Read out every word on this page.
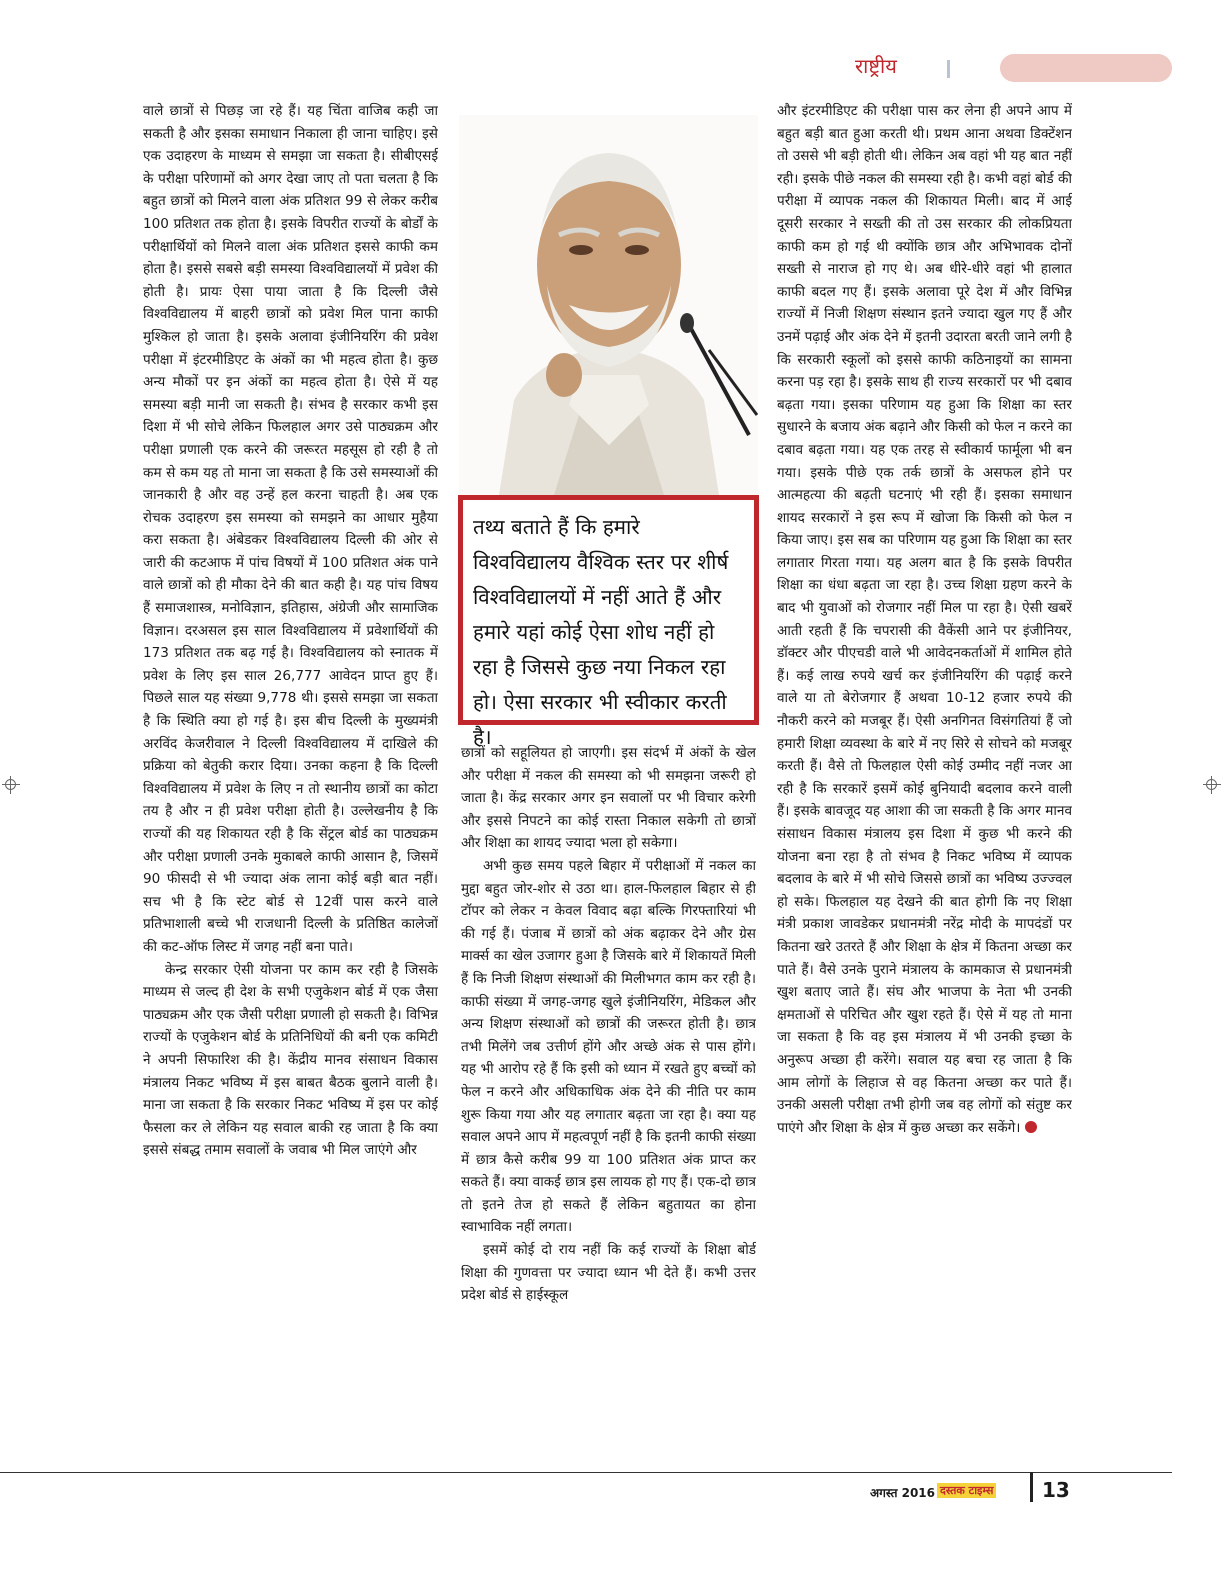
राष्ट्रीय

वाले छात्रों से पिछड़ जा रहे हैं। यह चिंता वाजिब कही जा सकती है और इसका समाधान निकाला ही जाना चाहिए। इसे एक उदाहरण के माध्यम से समझा जा सकता है। सीबीएसई के परीक्षा परिणामों को अगर देखा जाए तो पता चलता है कि बहुत छात्रों को मिलने वाला अंक प्रतिशत 99 से लेकर करीब 100 प्रतिशत तक होता है। इसके विपरीत राज्यों के बोर्डों के परीक्षार्थियों को मिलने वाला अंक प्रतिशत इससे काफी कम होता है। इससे सबसे बड़ी समस्या विश्वविद्यालयों में प्रवेश की होती है। प्रायः ऐसा पाया जाता है कि दिल्ली जैसे विश्वविद्यालय में बाहरी छात्रों को प्रवेश मिल पाना काफी मुश्किल हो जाता है। इसके अलावा इंजीनियरिंग की प्रवेश परीक्षा में इंटरमीडिएट के अंकों का भी महत्व होता है। कुछ अन्य मौकों पर इन अंकों का महत्व होता है। ऐसे में यह समस्या बड़ी मानी जा सकती है। संभव है सरकार कभी इस दिशा में भी सोचे लेकिन फिलहाल अगर उसे पाठ्यक्रम और परीक्षा प्रणाली एक करने की जरूरत महसूस हो रही है तो कम से कम यह तो माना जा सकता है कि उसे समस्याओं की जानकारी है और वह उन्हें हल करना चाहती है। अब एक रोचक उदाहरण इस समस्या को समझने का आधार मुहैया करा सकता है। अंबेडकर विश्वविद्यालय दिल्ली की ओर से जारी की कटआफ में पांच विषयों में 100 प्रतिशत अंक पाने वाले छात्रों को ही मौका देने की बात कही है। यह पांच विषय हैं समाजशास्त्र, मनोविज्ञान, इतिहास, अंग्रेजी और सामाजिक विज्ञान। दरअसल इस साल विश्वविद्यालय में प्रवेशार्थियों की 173 प्रतिशत तक बढ़ गई है। विश्वविद्यालय को स्नातक में प्रवेश के लिए इस साल 26,777 आवेदन प्राप्त हुए हैं। पिछले साल यह संख्या 9,778 थी। इससे समझा जा सकता है कि स्थिति क्या हो गई है। इस बीच दिल्ली के मुख्यमंत्री अरविंद केजरीवाल ने दिल्ली विश्वविद्यालय में दाखिले की प्रक्रिया को बेतुकी करार दिया। उनका कहना है कि दिल्ली विश्वविद्यालय में प्रवेश के लिए न तो स्थानीय छात्रों का कोटा तय है और न ही प्रवेश परीक्षा होती है। उल्लेखनीय है कि राज्यों की यह शिकायत रही है कि सेंट्रल बोर्ड का पाठ्यक्रम और परीक्षा प्रणाली उनके मुकाबले काफी आसान है, जिसमें 90 फीसदी से भी ज्यादा अंक लाना कोई बड़ी बात नहीं। सच भी है कि स्टेट बोर्ड से 12वीं पास करने वाले प्रतिभाशाली बच्चे भी राजधानी दिल्ली के प्रतिष्ठित कालेजों की कट-ऑफ लिस्ट में जगह नहीं बना पाते।

केन्द्र सरकार ऐसी योजना पर काम कर रही है जिसके माध्यम से जल्द ही देश के सभी एजुकेशन बोर्ड में एक जैसा पाठ्यक्रम और एक जैसी परीक्षा प्रणाली हो सकती है। विभिन्न राज्यों के एजुकेशन बोर्ड के प्रतिनिधियों की बनी एक कमिटी ने अपनी सिफारिश की है। केंद्रीय मानव संसाधन विकास मंत्रालय निकट भविष्य में इस बाबत बैठक बुलाने वाली है। माना जा सकता है कि सरकार निकट भविष्य में इस पर कोई फैसला कर ले लेकिन यह सवाल बाकी रह जाता है कि क्या इससे संबद्ध तमाम सवालों के जवाब भी मिल जाएंगे और

तथ्य बताते हैं कि हमारे विश्वविद्यालय वैश्विक स्तर पर शीर्ष विश्वविद्यालयों में नहीं आते हैं और हमारे यहां कोई ऐसा शोध नहीं हो रहा है जिससे कुछ नया निकल रहा हो। ऐसा सरकार भी स्वीकार करती है।

छात्रों को सहूलियत हो जाएगी। इस संदर्भ में अंकों के खेल और परीक्षा में नकल की समस्या को भी समझना जरूरी हो जाता है। केंद्र सरकार अगर इन सवालों पर भी विचार करेगी और इससे निपटने का कोई रास्ता निकाल सकेगी तो छात्रों और शिक्षा का शायद ज्यादा भला हो सकेगा।

अभी कुछ समय पहले बिहार में परीक्षाओं में नकल का मुद्दा बहुत जोर-शोर से उठा था। हाल-फिलहाल बिहार से ही टॉपर को लेकर न केवल विवाद बढ़ा बल्कि गिरफ्तारियां भी की गई हैं। पंजाब में छात्रों को अंक बढ़ाकर देने और ग्रेस मार्क्स का खेल उजागर हुआ है जिसके बारे में शिकायतें मिली हैं कि निजी शिक्षण संस्थाओं की मिलीभगत काम कर रही है। काफी संख्या में जगह-जगह खुले इंजीनियरिंग, मेडिकल और अन्य शिक्षण संस्थाओं को छात्रों की जरूरत होती है। छात्र तभी मिलेंगे जब उत्तीर्ण होंगे और अच्छे अंक से पास होंगे। यह भी आरोप रहे हैं कि इसी को ध्यान में रखते हुए बच्चों को फेल न करने और अधिकाधिक अंक देने की नीति पर काम शुरू किया गया और यह लगातार बढ़ता जा रहा है। क्या यह सवाल अपने आप में महत्वपूर्ण नहीं है कि इतनी काफी संख्या में छात्र कैसे करीब 99 या 100 प्रतिशत अंक प्राप्त कर सकते हैं। क्या वाकई छात्र इस लायक हो गए हैं। एक-दो छात्र तो इतने तेज हो सकते हैं लेकिन बहुतायत का होना स्वाभाविक नहीं लगता।

इसमें कोई दो राय नहीं कि कई राज्यों के शिक्षा बोर्ड शिक्षा की गुणवत्ता पर ज्यादा ध्यान भी देते हैं। कभी उत्तर प्रदेश बोर्ड से हाईस्कूल

और इंटरमीडिएट की परीक्षा पास कर लेना ही अपने आप में बहुत बड़ी बात हुआ करती थी। प्रथम आना अथवा डिक्टेंशन तो उससे भी बड़ी होती थी। लेकिन अब वहां भी यह बात नहीं रही। इसके पीछे नकल की समस्या रही है। कभी वहां बोर्ड की परीक्षा में व्यापक नकल की शिकायत मिली। बाद में आई दूसरी सरकार ने सख्ती की तो उस सरकार की लोकप्रियता काफी कम हो गई थी क्योंकि छात्र और अभिभावक दोनों सख्ती से नाराज हो गए थे। अब धीरे-धीरे वहां भी हालात काफी बदल गए हैं। इसके अलावा पूरे देश में और विभिन्न राज्यों में निजी शिक्षण संस्थान इतने ज्यादा खुल गए हैं और उनमें पढ़ाई और अंक देने में इतनी उदारता बरती जाने लगी है कि सरकारी स्कूलों को इससे काफी कठिनाइयों का सामना करना पड़ रहा है। इसके साथ ही राज्य सरकारों पर भी दबाव बढ़ता गया। इसका परिणाम यह हुआ कि शिक्षा का स्तर सुधारने के बजाय अंक बढ़ाने और किसी को फेल न करने का दबाव बढ़ता गया। यह एक तरह से स्वीकार्य फार्मूला भी बन गया। इसके पीछे एक तर्क छात्रों के असफल होने पर आत्महत्या की बढ़ती घटनाएं भी रही हैं। इसका समाधान शायद सरकारों ने इस रूप में खोजा कि किसी को फेल न किया जाए। इस सब का परिणाम यह हुआ कि शिक्षा का स्तर लगातार गिरता गया। यह अलग बात है कि इसके विपरीत शिक्षा का धंधा बढ़ता जा रहा है। उच्च शिक्षा ग्रहण करने के बाद भी युवाओं को रोजगार नहीं मिल पा रहा है। ऐसी खबरें आती रहती हैं कि चपरासी की वैकेंसी आने पर इंजीनियर, डॉक्टर और पीएचडी वाले भी आवेदनकर्ताओं में शामिल होते हैं। कई लाख रुपये खर्च कर इंजीनियरिंग की पढ़ाई करने वाले या तो बेरोजगार हैं अथवा 10-12 हजार रुपये की नौकरी करने को मजबूर हैं। ऐसी अनगिनत विसंगतियां हैं जो हमारी शिक्षा व्यवस्था के बारे में नए सिरे से सोचने को मजबूर करती हैं। वैसे तो फिलहाल ऐसी कोई उम्मीद नहीं नजर आ रही है कि सरकारें इसमें कोई बुनियादी बदलाव करने वाली हैं। इसके बावजूद यह आशा की जा सकती है कि अगर मानव संसाधन विकास मंत्रालय इस दिशा में कुछ भी करने की योजना बना रहा है तो संभव है निकट भविष्य में व्यापक बदलाव के बारे में भी सोचे जिससे छात्रों का भविष्य उज्ज्वल हो सके। फिलहाल यह देखने की बात होगी कि नए शिक्षा मंत्री प्रकाश जावडेकर प्रधानमंत्री नरेंद्र मोदी के मापदंडों पर कितना खरे उतरते हैं और शिक्षा के क्षेत्र में कितना अच्छा कर पाते हैं। वैसे उनके पुराने मंत्रालय के कामकाज से प्रधानमंत्री खुश बताए जाते हैं। संघ और भाजपा के नेता भी उनकी क्षमताओं से परिचित और खुश रहते हैं। ऐसे में यह तो माना जा सकता है कि वह इस मंत्रालय में भी उनकी इच्छा के अनुरूप अच्छा ही करेंगे। सवाल यह बचा रह जाता है कि आम लोगों के लिहाज से वह कितना अच्छा कर पाते हैं। उनकी असली परीक्षा तभी होगी जब वह लोगों को संतुष्ट कर पाएंगे और शिक्षा के क्षेत्र में कुछ अच्छा कर सकेंगे।

अगस्त 2016 दस्तक टाइम्स 13
